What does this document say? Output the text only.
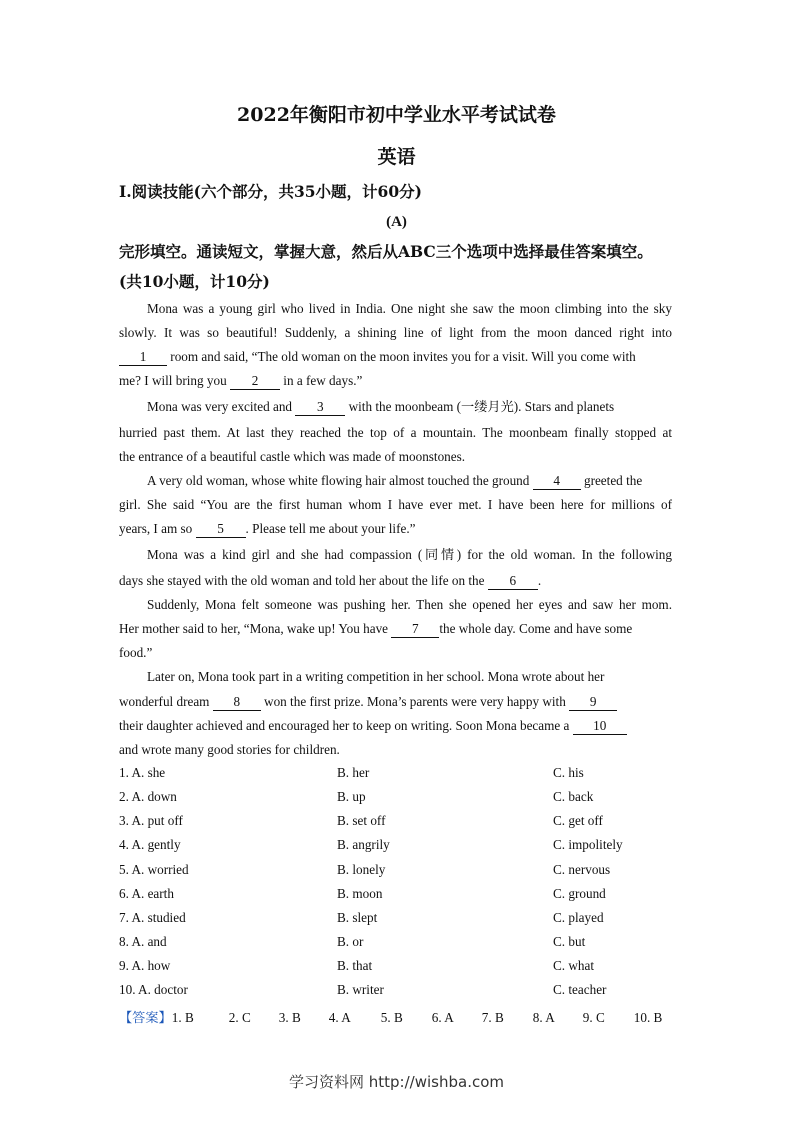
2022年衡阳市初中学业水平考试试卷
英语
I.阅读技能(六个部分，共35小题，计60分)
(A)
完形填空。通读短文，掌握大意，然后从ABC三个选项中选择最佳答案填空。
(共10小题，计10分)
Mona was a young girl who lived in India. One night she saw the moon climbing into the sky
slowly. It was so beautiful! Suddenly, a shining line of light from the moon danced right into
1 room and said, “The old woman on the moon invites you for a visit. Will you come with
me? I will bring you 2 in a few days.”
Mona was very excited and 3 with the moonbeam (一缕月光). Stars and planets
hurried past them. At last they reached the top of a mountain. The moonbeam finally stopped at
the entrance of a beautiful castle which was made of moonstones.
A very old woman, whose white flowing hair almost touched the ground 4 greeted the
girl. She said “You are the first human whom I have ever met. I have been here for millions of
years, I am so 5 . Please tell me about your life.”
Mona was a kind girl and she had compassion (同情) for the old woman. In the following
days she stayed with the old woman and told her about the life on the 6 .
Suddenly, Mona felt someone was pushing her. Then she opened her eyes and saw her mom.
Her mother said to her, “Mona, wake up! You have 7 the whole day. Come and have some
food.”
Later on, Mona took part in a writing competition in her school. Mona wrote about her
wonderful dream 8 won the first prize. Mona’s parents were very happy with 9
their daughter achieved and encouraged her to keep on writing. Soon Mona became a 10
and wrote many good stories for children.
1. A. she	B. her	C. his
2. A. down	B. up	C. back
3. A. put off	B. set off	C. get off
4. A. gently	B. angrily	C. impolitely
5. A. worried	B. lonely	C. nervous
6. A. earth	B. moon	C. ground
7. A. studied	B. slept	C. played
8. A. and	B. or	C. but
9. A. how	B. that	C. what
10. A. doctor	B. writer	C. teacher
【答案】1. B	2. C 3. B 4. A 5. B 6. A 7. B 8. A 9. C 10. B
学习资料网 http://wishba.com
